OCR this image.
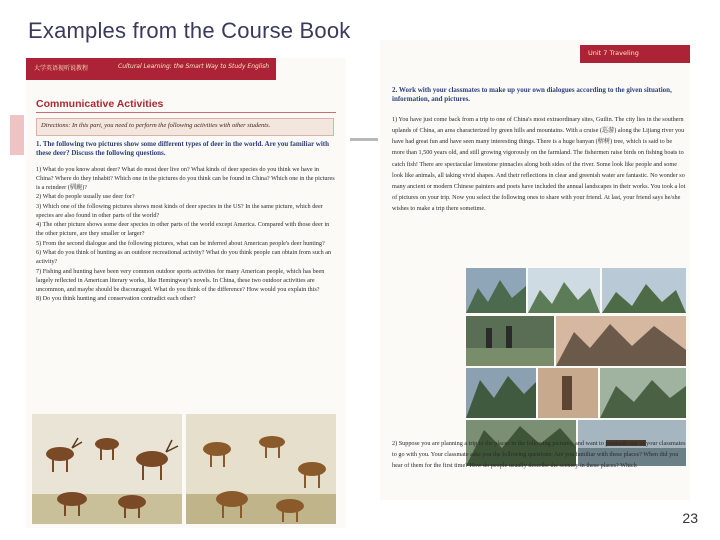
Examples from the Course Book
大学英语视听说教程	Cultural Learning: the Smart Way to Study English
Communicative Activities
Directions: In this part, you need to perform the following activities with other students.
1. The following two pictures show some different types of deer in the world. Are you familiar with these deer? Discuss the following questions.

1) What do you know about deer? What do most deer live on? What kinds of deer species do you think we have in China? Where do they inhabit? Which one in the pictures do you think can be found in China? Which one in the pictures is a reindeer (驯鹿)?

2) What do people usually use deer for?

3) Which one of the following pictures shows most kinds of deer species in the US? In the same picture, which deer species are also found in other parts of the world?

4) The other picture shows some deer species in other parts of the world except America. Compared with those deer in the other picture, are they smaller or larger?

5) From the second dialogue and the following pictures, what can be inferred about American people's deer hunting?

6) What do you think of hunting as an outdoor recreational activity? What do you think people can obtain from such an activity?

7) Fishing and hunting have been very common outdoor sports activities for many American people, which has been largely reflected in American literary works, like Hemingway's novels. In China, these two outdoor activities are uncommon, and maybe should be discouraged. What do you think of the difference? How would you explain this?

8) Do you think hunting and conservation contradict each other?

Unit 7 Traveling
2. Work with your classmates to make up your own dialogues according to the given situation, information, and pictures.
1) You have just come back from a trip to one of China's most extraordinary sites, Guilin. The city lies in the southern uplands of China, an area characterized by green hills and mountains. With a cruise (巡游) along the Lijiang river you have had great fun and have seen many interesting things. There is a huge banyan (榕树) tree, which is said to be more than 1,500 years old, and still growing vigorously on the farmland. The fishermen raise birds on fishing boats to catch fish! There are spectacular limestone pinnacles along both sides of the river. Some look like people and some look like animals, all taking vivid shapes. And their reflections in clear and greenish water are fantastic. No wonder so many ancient or modern Chinese painters and poets have included the annual landscapes in their works. You took a lot of pictures on your trip. Now you select the following ones to share with your friend. At last, your friend says he/she wishes to make a trip there sometime.
2) Suppose you are planning a trip to the places in the following pictures, and want to persuade one of your classmates to go with you. Your classmate asks you the following questions: Are you familiar with these places? When did you hear of them for the first time? How do people usually describe the scenery in these places? Which
23
